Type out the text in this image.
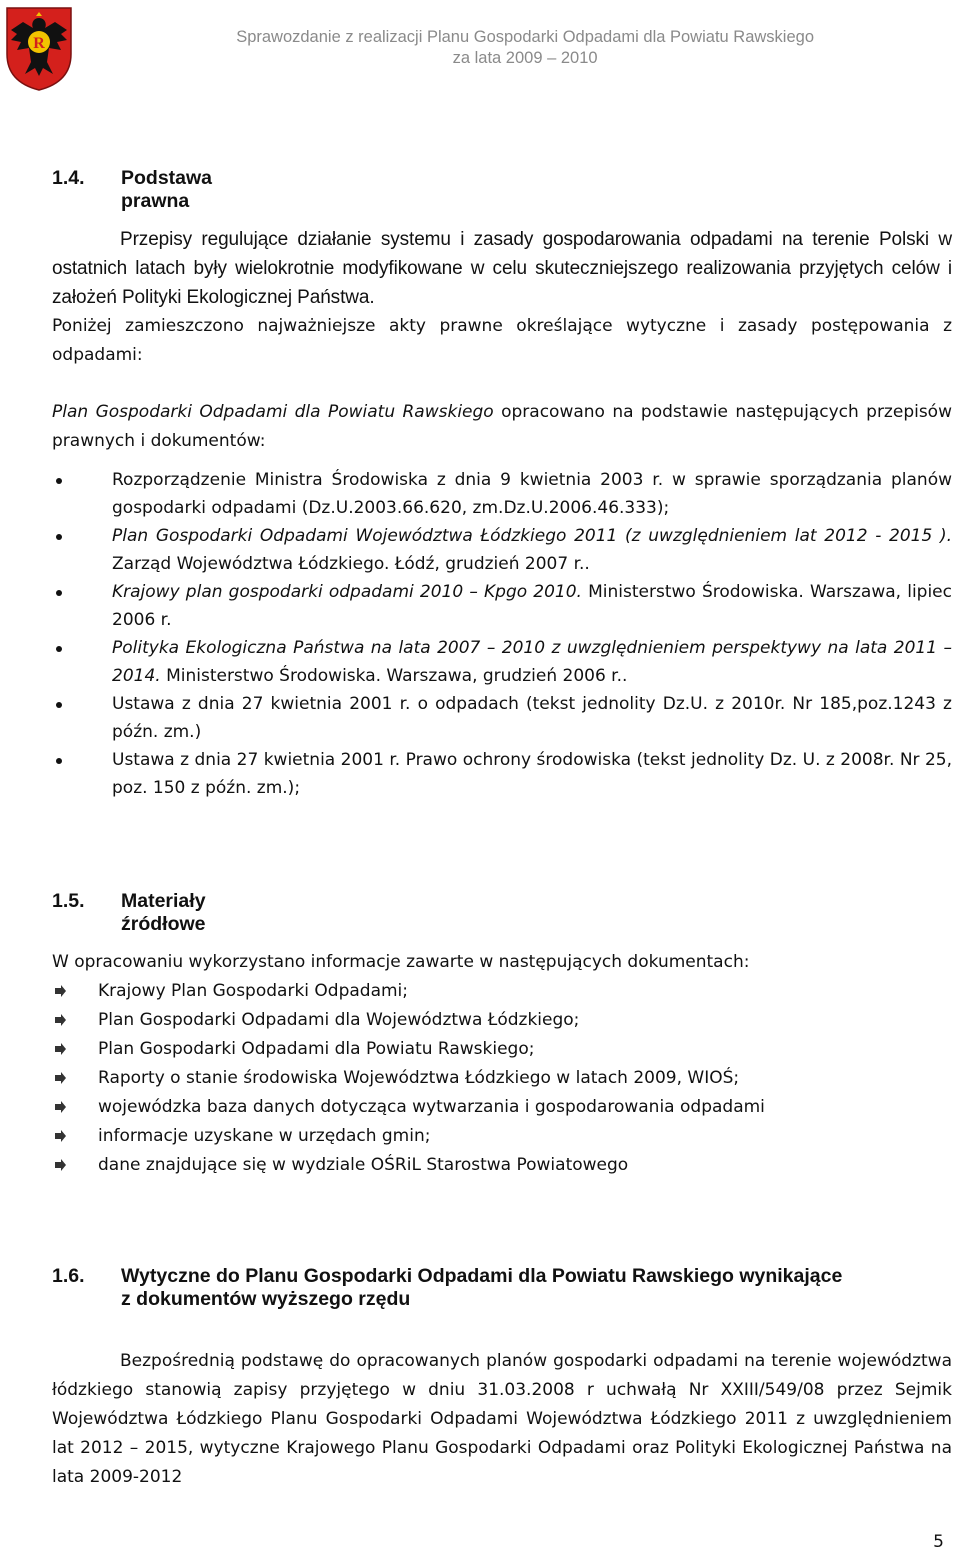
R	Sprawozdanie z realizacji Planu Gospodarki Odpadami dla Powiatu Rawskiego
za lata 2009 – 2010
1.4. Podstawa prawna
Przepisy regulujące działanie systemu i zasady gospodarowania odpadami na terenie Polski w ostatnich latach były wielokrotnie modyfikowane w celu skuteczniejszego realizowania przyjętych celów i założeń Polityki Ekologicznej Państwa.
Poniżej zamieszczono najważniejsze akty prawne określające wytyczne i zasady postępowania z odpadami:
Plan Gospodarki Odpadami dla Powiatu Rawskiego opracowano na podstawie następujących przepisów prawnych i dokumentów:
Rozporządzenie Ministra Środowiska z dnia 9 kwietnia 2003 r. w sprawie sporządzania planów gospodarki odpadami (Dz.U.2003.66.620, zm.Dz.U.2006.46.333);
Plan Gospodarki Odpadami Województwa Łódzkiego 2011 (z uwzględnieniem lat 2012 - 2015 ). Zarząd Województwa Łódzkiego. Łódź, grudzień 2007 r..
Krajowy plan gospodarki odpadami 2010 – Kpgo 2010. Ministerstwo Środowiska. Warszawa, lipiec 2006 r.
Polityka Ekologiczna Państwa na lata 2007 – 2010 z uwzględnieniem perspektywy na lata 2011 – 2014. Ministerstwo Środowiska. Warszawa, grudzień 2006 r..
Ustawa z dnia 27 kwietnia 2001 r. o odpadach (tekst jednolity Dz.U. z 2010r. Nr 185,poz.1243 z późn. zm.)
Ustawa z dnia 27 kwietnia 2001 r. Prawo ochrony środowiska (tekst jednolity Dz. U. z 2008r. Nr 25, poz. 150 z późn. zm.);
1.5. Materiały źródłowe
W opracowaniu wykorzystano informacje zawarte w następujących dokumentach:
Krajowy Plan Gospodarki Odpadami;
Plan Gospodarki Odpadami dla Województwa Łódzkiego;
Plan Gospodarki Odpadami dla Powiatu Rawskiego;
Raporty o stanie środowiska Województwa Łódzkiego w latach 2009, WIOŚ;
wojewódzka baza danych dotycząca wytwarzania i gospodarowania odpadami
informacje uzyskane w urzędach gmin;
dane znajdujące się w wydziale OŚRiL Starostwa Powiatowego
1.6. Wytyczne do Planu Gospodarki Odpadami dla Powiatu Rawskiego wynikające
z dokumentów wyższego rzędu
Bezpośrednią podstawę do opracowanych planów gospodarki odpadami na terenie województwa łódzkiego stanowią zapisy przyjętego w dniu 31.03.2008 r uchwałą Nr XXIII/549/08 przez Sejmik Województwa Łódzkiego Planu Gospodarki Odpadami Województwa Łódzkiego 2011 z uwzględnieniem lat 2012 – 2015, wytyczne Krajowego Planu Gospodarki Odpadami oraz Polityki Ekologicznej Państwa na lata 2009-2012
5
